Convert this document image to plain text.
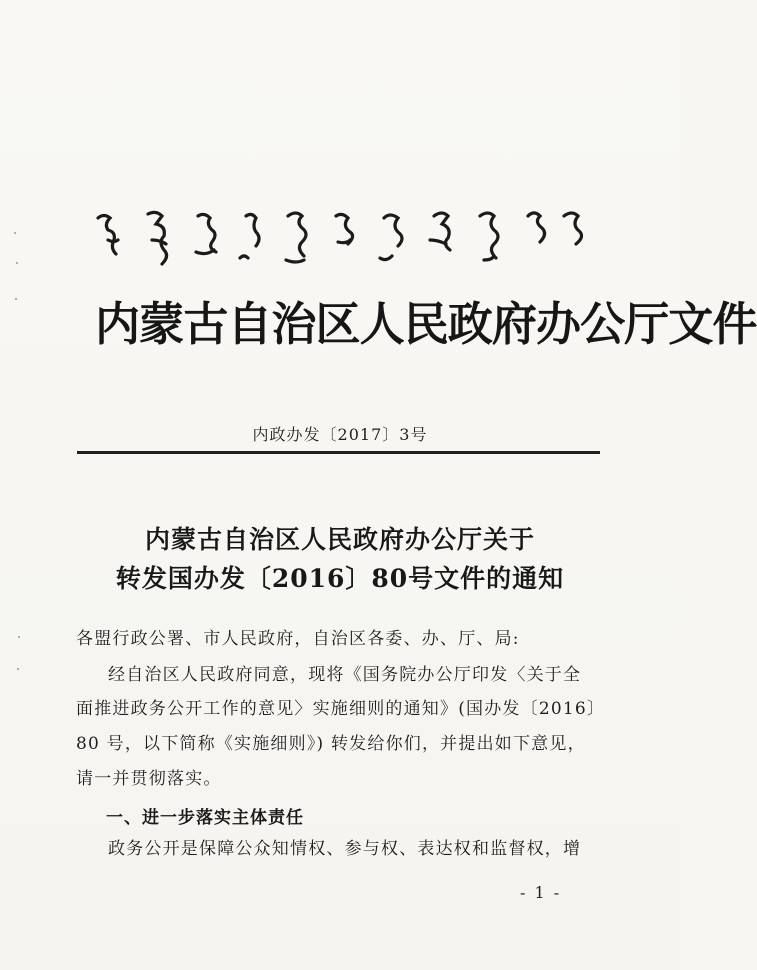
内蒙古自治区人民政府办公厅文件
内政办发〔2017〕3号
内蒙古自治区人民政府办公厅关于
转发国办发〔2016〕80号文件的通知
各盟行政公署、市人民政府，自治区各委、办、厅、局:
经自治区人民政府同意，现将《国务院办公厅印发〈关于全
面推进政务公开工作的意见〉实施细则的通知》(国办发〔2016〕
80 号，以下简称《实施细则》) 转发给你们，并提出如下意见，
请一并贯彻落实。
一、进一步落实主体责任
政务公开是保障公众知情权、参与权、表达权和监督权，增
- 1 -
